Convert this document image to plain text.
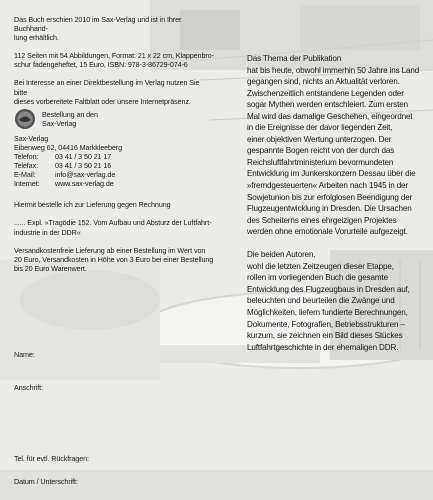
Das Buch erschien 2010 im Sax-Verlag und ist in Ihrer Buchhand-

lung erhältlich.

112 Seiten mit 54 Abbildungen, Format: 21 x 22 cm, Klappenbro-

schur fadengeheftet, 15 Euro, ISBN: 978-3-86729-074-6

Bei Interesse an einer Direktbestellung im Verlag nutzen Sie bitte

dieses vorbereitete Faltblatt oder unsere Internetpräsenz.

Bestellung an den

Sax-Verlag

Sax-Verlag

Eibenweg 62, 04416 Markkleeberg

Telefon:	03 41 / 3 50 21 17
Telefax:	03 41 / 3 50 21 16
E-Mail:	info@sax-verlag.de
Internet:	www.sax-verlag.de

Hiermit bestelle ich zur Lieferung gegen Rechnung

...... Expl. »Tragödie 152. Vom Aufbau und Absturz der Luftfahrt-

industrie in der DDR«

Versandkostenfreie Lieferung ab einer Bestellung im Wert von

20 Euro, Versandkosten in Höhe von 3 Euro bei einer Bestellung

bis 20 Euro Warenwert.

Name:
Anschrift:
Tel. für evtl. Rückfragen:
Datum / Unterschrift:

Das Thema der Publikation

hat bis heute, obwohl immerhin 50 Jahre ins Land

gegangen sind, nichts an Aktualität verloren.

Zwischenzeitlich entstandene Legenden oder

sogar Mythen werden entschleiert. Zum ersten

Mal wird das damalige Geschehen, eingeordnet

in die Ereignisse der davor liegenden Zeit,

einer objektiven Wertung unterzogen. Der

gespannte Bogen reicht von der durch das

Reichsluftfahrtministerium bevormundeten

Entwicklung im Junkerskonzern Dessau über die

»fremdgesteuerten« Arbeiten nach 1945 in der

Sowjetunion bis zur erfolglosen Beendigung der

Flugzeugentwicklung in Dresden. Die Ursachen

des Scheiterns eines ehrgeizigen Projektes

werden ohne emotionale Vorurteile aufgezeigt.

Die beiden Autoren,

wohl die letzten Zeitzeugen dieser Etappe,

rollen im vorliegenden Buch die gesamte

Entwicklung des Flugzeugbaus in Dresden auf,

beleuchten und beurteilen die Zwänge und

Möglichkeiten, liefern fundierte Berechnungen,

Dokumente, Fotografien, Betriebsstrukturen –

kurzum, sie zeichnen ein Bild dieses Stückes

Luftfahrtgeschichte in der ehemaligen DDR.
